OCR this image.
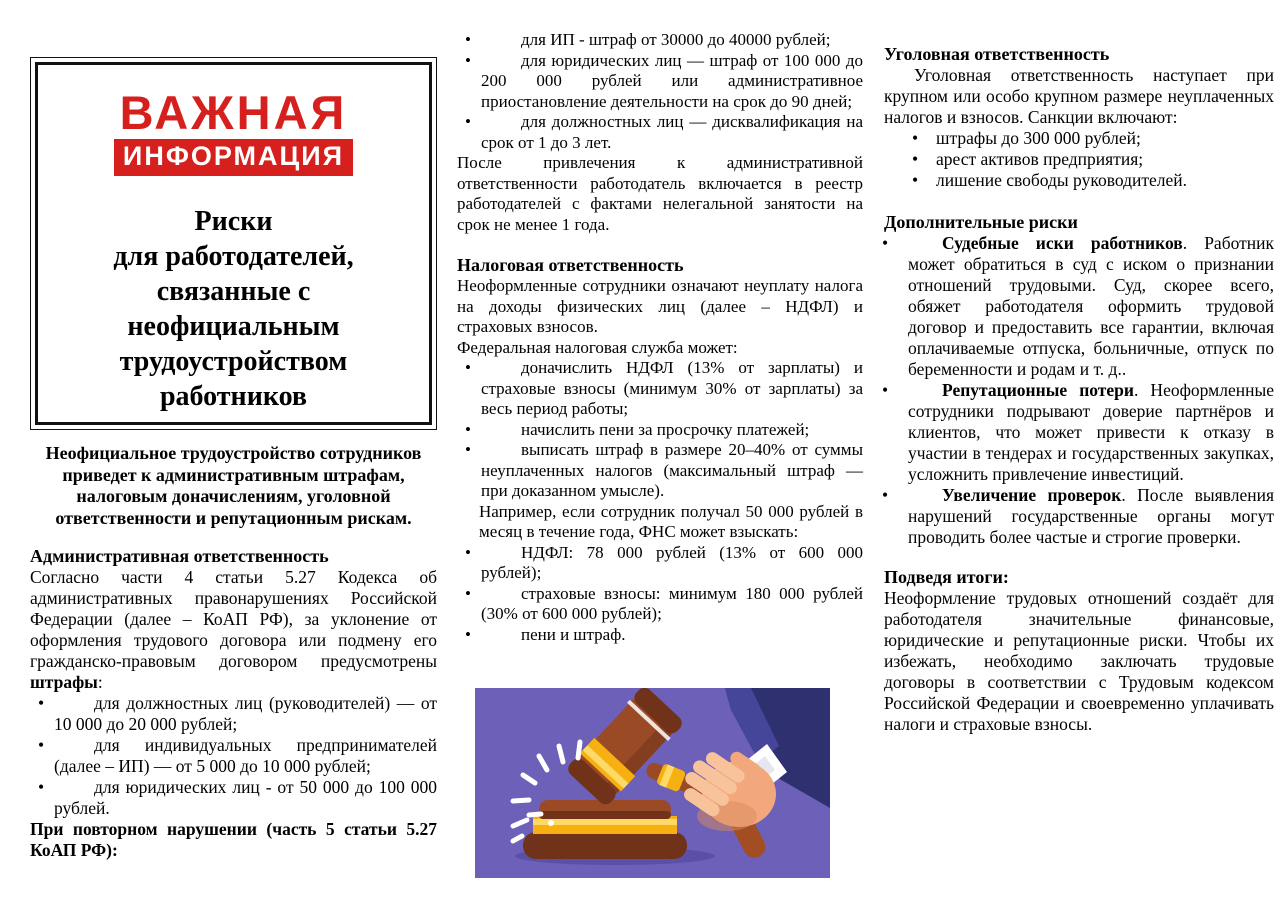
ВАЖНАЯ
ИНФОРМАЦИЯ
Риски
для работодателей,
связанные с
неофициальным
трудоустройством
работников

Неофициальное трудоустройство сотрудников приведет к административным штрафам, налоговым доначислениям, уголовной ответственности и репутационным рискам.

Административная ответственность

Согласно части 4 статьи 5.27 Кодекса об административных правонарушениях Российской Федерации (далее – КоАП РФ), за уклонение от оформления трудового договора или подмену его гражданско-правовым договором предусмотрены штрафы:

• для должностных лиц (руководителей) — от 10 000 до 20 000 рублей;
• для индивидуальных предпринимателей (далее – ИП) — от 5 000 до 10 000 рублей;
• для юридических лиц - от 50 000 до 100 000 рублей.

При повторном нарушении (часть 5 статьи 5.27 КоАП РФ):

• для ИП - штраф от 30000 до 40000 рублей;
• для юридических лиц — штраф от 100 000 до 200 000 рублей или административное приостановление деятельности на срок до 90 дней;
• для должностных лиц — дисквалификация на срок от 1 до 3 лет.

После привлечения к административной ответственности работодатель включается в реестр работодателей с фактами нелегальной занятости на срок не менее 1 года.

Налоговая ответственность

Неоформленные сотрудники означают неуплату налога на доходы физических лиц (далее – НДФЛ) и страховых взносов.

Федеральная налоговая служба может:

• доначислить НДФЛ (13% от зарплаты) и страховые взносы (минимум 30% от зарплаты) за весь период работы;
• начислить пени за просрочку платежей;
• выписать штраф в размере 20–40% от суммы неуплаченных налогов (максимальный штраф — при доказанном умысле).

Например, если сотрудник получал 50 000 рублей в месяц в течение года, ФНС может взыскать:

• НДФЛ: 78 000 рублей (13% от 600 000 рублей);
• страховые взносы: минимум 180 000 рублей (30% от 600 000 рублей);
• пени и штраф.
Уголовная ответственность

Уголовная ответственность наступает при крупном или особо крупном размере неуплаченных налогов и взносов. Санкции включают:

• штрафы до 300 000 рублей;
• арест активов предприятия;
• лишение свободы руководителей.
Дополнительные риски
• Судебные иски работников. Работник может обратиться в суд с иском о признании отношений трудовыми. Суд, скорее всего, обяжет работодателя оформить трудовой договор и предоставить все гарантии, включая оплачиваемые отпуска, больничные, отпуск по беременности и родам и т. д..
• Репутационные потери. Неоформленные сотрудники подрывают доверие партнёров и клиентов, что может привести к отказу в участии в тендерах и государственных закупках, усложнить привлечение инвестиций.
• Увеличение проверок. После выявления нарушений государственные органы могут проводить более частые и строгие проверки.
Подведя итоги:

Неоформление трудовых отношений создаёт для работодателя значительные финансовые, юридические и репутационные риски. Чтобы их избежать, необходимо заключать трудовые договоры в соответствии с Трудовым кодексом Российской Федерации и своевременно уплачивать налоги и страховые взносы.
